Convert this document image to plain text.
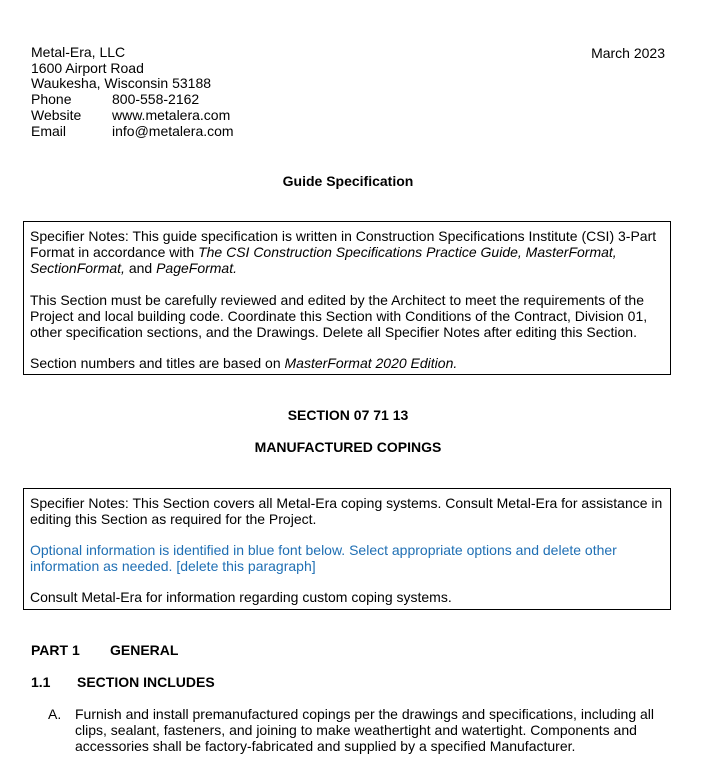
Metal-Era, LLC
1600 Airport Road
Waukesha, Wisconsin 53188
Phone	800-558-2162
Website	www.metalera.com
Email	info@metalera.com
March 2023
Guide Specification

Specifier Notes: This guide specification is written in Construction Specifications Institute (CSI) 3-Part
Format in accordance with The CSI Construction Specifications Practice Guide, MasterFormat,
SectionFormat, and PageFormat.

This Section must be carefully reviewed and edited by the Architect to meet the requirements of the
Project and local building code. Coordinate this Section with Conditions of the Contract, Division 01,
other specification sections, and the Drawings. Delete all Specifier Notes after editing this Section.

Section numbers and titles are based on MasterFormat 2020 Edition.

SECTION 07 71 13
MANUFACTURED COPINGS

Specifier Notes: This Section covers all Metal-Era coping systems. Consult Metal-Era for assistance in
editing this Section as required for the Project.

Optional information is identified in blue font below. Select appropriate options and delete other
information as needed. [delete this paragraph]

Consult Metal-Era for information regarding custom coping systems.

PART 1 GENERAL
1.1 SECTION INCLUDES
A. Furnish and install premanufactured copings per the drawings and specifications, including all
clips, sealant, fasteners, and joining to make weathertight and watertight. Components and
accessories shall be factory-fabricated and supplied by a specified Manufacturer.
